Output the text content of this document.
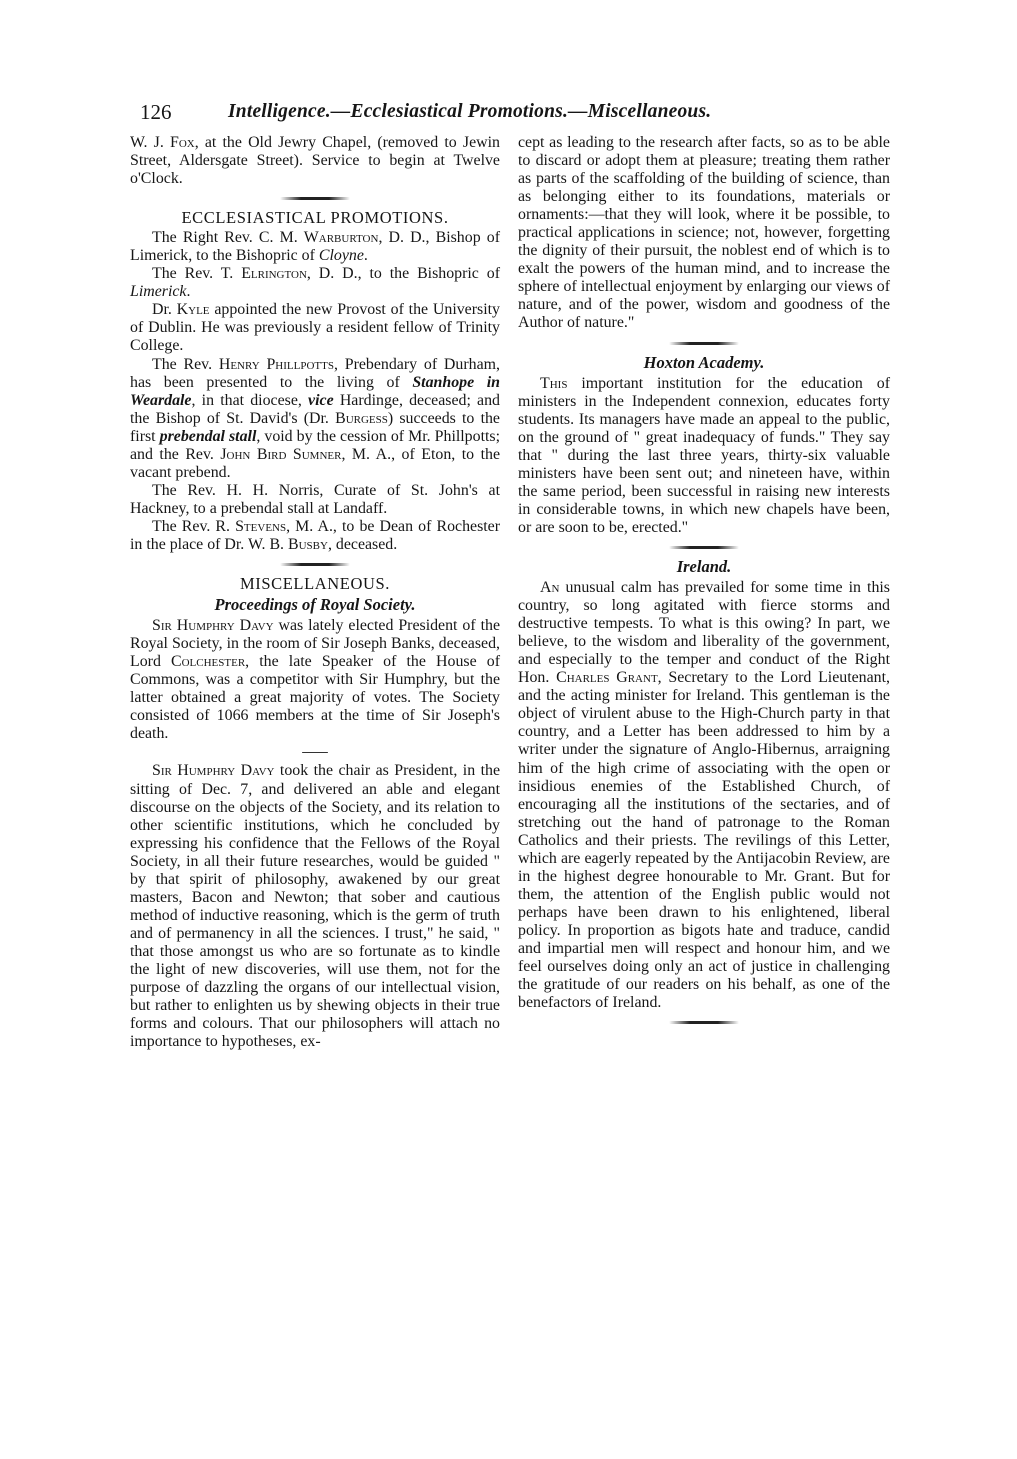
126	Intelligence.—Ecclesiastical Promotions.—Miscellaneous.

W. J. Fox, at the Old Jewry Chapel, (removed to Jewin Street, Aldersgate Street). Service to begin at Twelve o'Clock.

ECCLESIASTICAL PROMOTIONS.

The Right Rev. C. M. Warburton, D. D., Bishop of Limerick, to the Bishopric of Cloyne.

The Rev. T. Elrington, D. D., to the Bishopric of Limerick.

Dr. Kyle appointed the new Provost of the University of Dublin. He was previously a resident fellow of Trinity College.

The Rev. Henry Phillpotts, Prebendary of Durham, has been presented to the living of Stanhope in Weardale, in that diocese, vice Hardinge, deceased; and the Bishop of St. David's (Dr. Burgess) succeeds to the first prebendal stall, void by the cession of Mr. Phillpotts; and the Rev. John Bird Sumner, M. A., of Eton, to the vacant prebend.

The Rev. H. H. Norris, Curate of St. John's at Hackney, to a prebendal stall at Landaff.

The Rev. R. Stevens, M. A., to be Dean of Rochester in the place of Dr. W. B. Busby, deceased.

MISCELLANEOUS.
Proceedings of Royal Society.

Sir Humphry Davy was lately elected President of the Royal Society, in the room of Sir Joseph Banks, deceased, Lord Colchester, the late Speaker of the House of Commons, was a competitor with Sir Humphry, but the latter obtained a great majority of votes. The Society consisted of 1066 members at the time of Sir Joseph's death.

Sir Humphry Davy took the chair as President, in the sitting of Dec. 7, and delivered an able and elegant discourse on the objects of the Society, and its relation to other scientific institutions, which he concluded by expressing his confidence that the Fellows of the Royal Society, in all their future researches, would be guided " by that spirit of philosophy, awakened by our great masters, Bacon and Newton; that sober and cautious method of inductive reasoning, which is the germ of truth and of permanency in all the sciences. I trust," he said, " that those amongst us who are so fortunate as to kindle the light of new discoveries, will use them, not for the purpose of dazzling the organs of our intellectual vision, but rather to enlighten us by shewing objects in their true forms and colours. That our philosophers will attach no importance to hypotheses, ex-

cept as leading to the research after facts, so as to be able to discard or adopt them at pleasure; treating them rather as parts of the scaffolding of the building of science, than as belonging either to its foundations, materials or ornaments:—that they will look, where it be possible, to practical applications in science; not, however, forgetting the dignity of their pursuit, the noblest end of which is to exalt the powers of the human mind, and to increase the sphere of intellectual enjoyment by enlarging our views of nature, and of the power, wisdom and goodness of the Author of nature."

Hoxton Academy.

This important institution for the education of ministers in the Independent connexion, educates forty students. Its managers have made an appeal to the public, on the ground of " great inadequacy of funds." They say that " during the last three years, thirty-six valuable ministers have been sent out; and nineteen have, within the same period, been successful in raising new interests in considerable towns, in which new chapels have been, or are soon to be, erected."

Ireland.

An unusual calm has prevailed for some time in this country, so long agitated with fierce storms and destructive tempests. To what is this owing? In part, we believe, to the wisdom and liberality of the government, and especially to the temper and conduct of the Right Hon. Charles Grant, Secretary to the Lord Lieutenant, and the acting minister for Ireland. This gentleman is the object of virulent abuse to the High-Church party in that country, and a Letter has been addressed to him by a writer under the signature of Anglo-Hibernus, arraigning him of the high crime of associating with the open or insidious enemies of the Established Church, of encouraging all the institutions of the sectaries, and of stretching out the hand of patronage to the Roman Catholics and their priests. The revilings of this Letter, which are eagerly repeated by the Antijacobin Review, are in the highest degree honourable to Mr. Grant. But for them, the attention of the English public would not perhaps have been drawn to his enlightened, liberal policy. In proportion as bigots hate and traduce, candid and impartial men will respect and honour him, and we feel ourselves doing only an act of justice in challenging the gratitude of our readers on his behalf, as one of the benefactors of Ireland.
